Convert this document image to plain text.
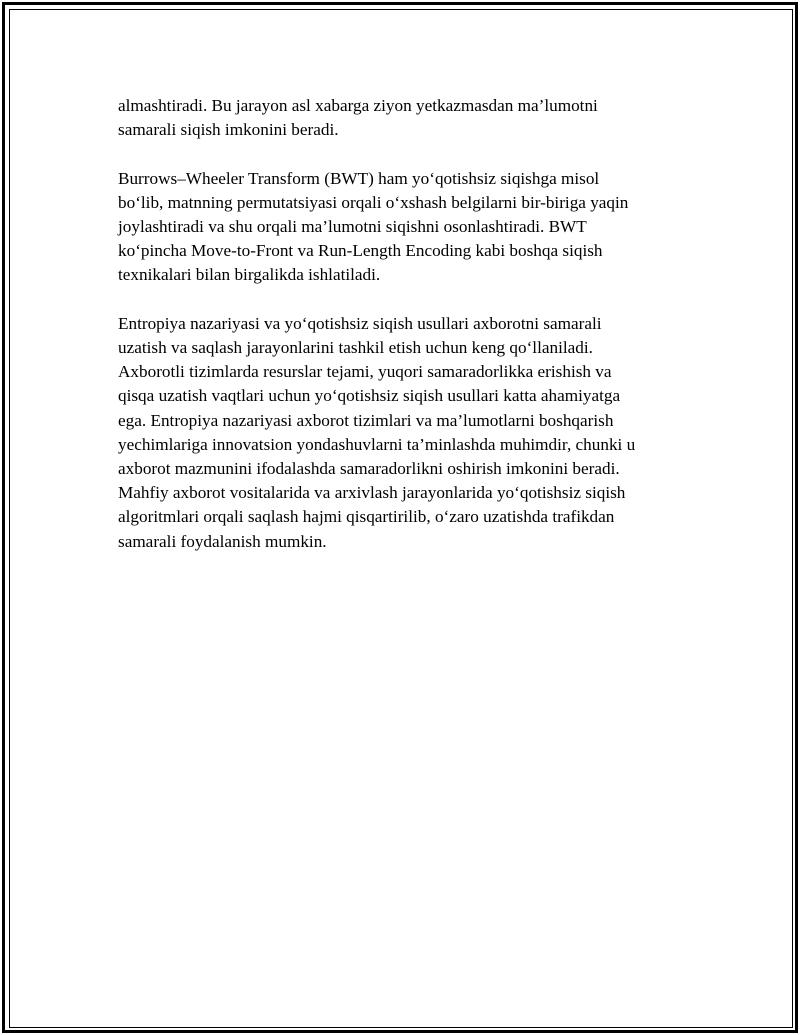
almashtiradi. Bu jarayon asl xabarga ziyon yetkazmasdan ma’lumotni
samarali siqish imkonini beradi.

Burrows–Wheeler Transform (BWT) ham yo‘qotishsiz siqishga misol
bo‘lib, matnning permutatsiyasi orqali o‘xshash belgilarni bir-biriga yaqin
joylashtiradi va shu orqali ma’lumotni siqishni osonlashtiradi. BWT
ko‘pincha Move-to-Front va Run-Length Encoding kabi boshqa siqish
texnikalari bilan birgalikda ishlatiladi.

Entropiya nazariyasi va yo‘qotishsiz siqish usullari axborotni samarali
uzatish va saqlash jarayonlarini tashkil etish uchun keng qo‘llaniladi.
Axborotli tizimlarda resurslar tejami, yuqori samaradorlikka erishish va
qisqa uzatish vaqtlari uchun yo‘qotishsiz siqish usullari katta ahamiyatga
ega. Entropiya nazariyasi axborot tizimlari va ma’lumotlarni boshqarish
yechimlariga innovatsion yondashuvlarni ta’minlashda muhimdir, chunki u
axborot mazmunini ifodalashda samaradorlikni oshirish imkonini beradi.
Mahfiy axborot vositalarida va arxivlash jarayonlarida yo‘qotishsiz siqish
algoritmlari orqali saqlash hajmi qisqartirilib, o‘zaro uzatishda trafikdan
samarali foydalanish mumkin.
